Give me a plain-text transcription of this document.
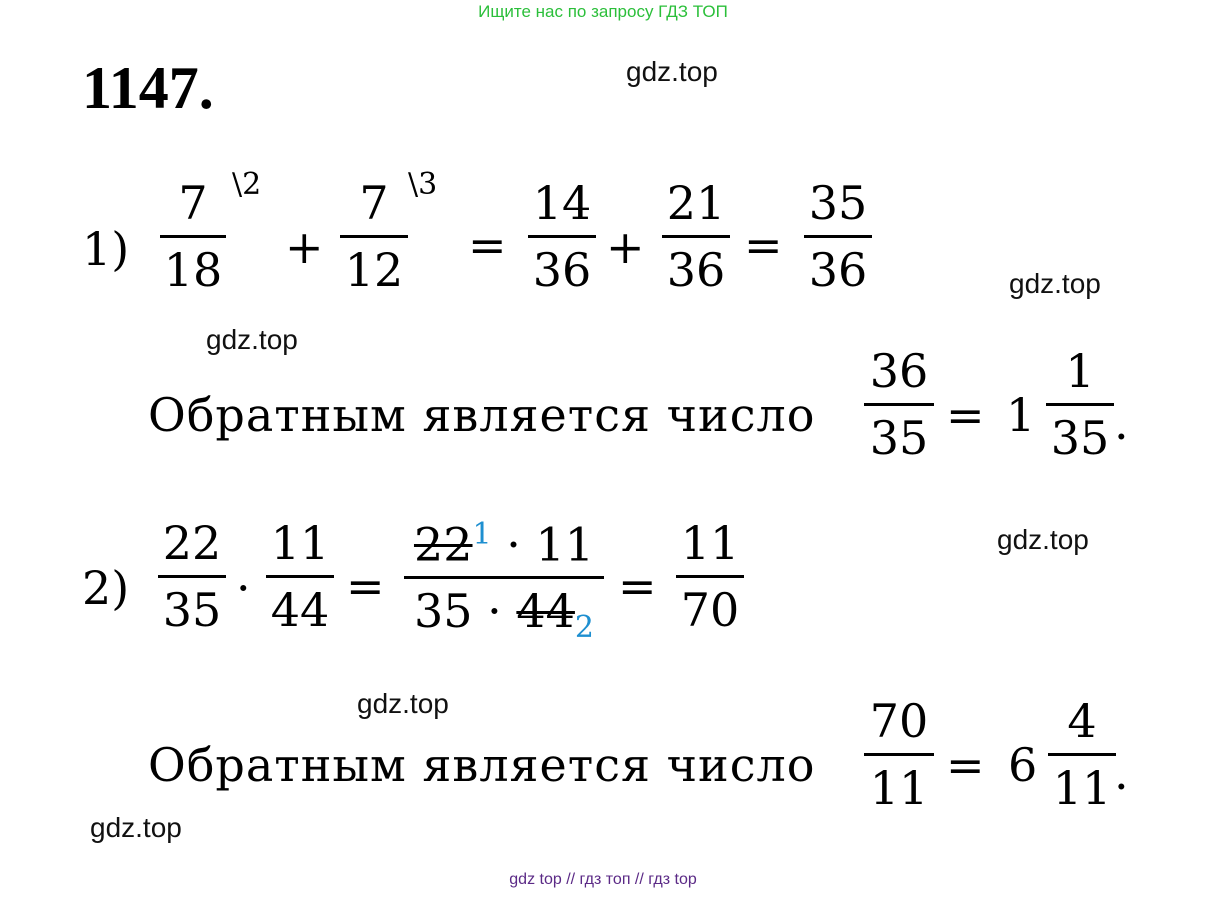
Ищите нас по запросу ГДЗ ТОП
gdz.top
gdz.top
gdz.top
gdz.top
gdz.top
gdz.top
1147.
1)
7
18
\2
+
7
12
\3
=
14
36 +
21
36 =
35
36
Обратным является число
36
35 = 1
1
35 .
2)
22
35 ·
11
44 =
$22^1 \cdot 11$
$35 \cdot 44_2$
=
11
70
Обратным является число
70
11 = 6
4
11 .
gdz top // гдз топ // гдз top
